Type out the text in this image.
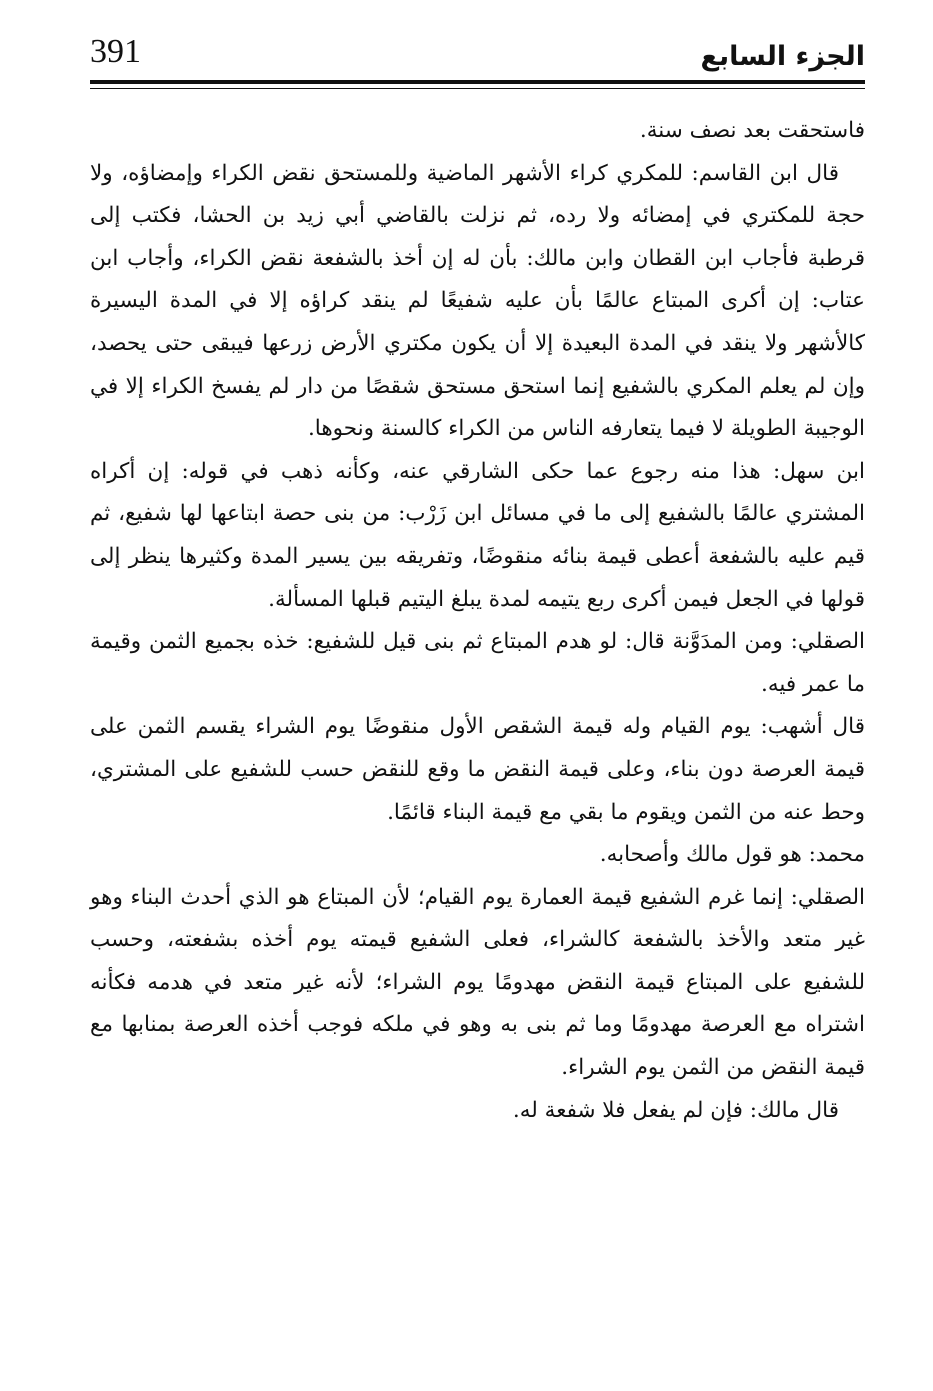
391	الجزء السابع

فاستحقت بعد نصف سنة.

قال ابن القاسم: للمكري كراء الأشهر الماضية وللمستحق نقض الكراء وإمضاؤه، ولا حجة للمكتري في إمضائه ولا رده، ثم نزلت بالقاضي أبي زيد بن الحشا، فكتب إلى قرطبة فأجاب ابن القطان وابن مالك: بأن له إن أخذ بالشفعة نقض الكراء، وأجاب ابن عتاب: إن أكرى المبتاع عالمًا بأن عليه شفيعًا لم ينقد كراؤه إلا في المدة اليسيرة كالأشهر ولا ينقد في المدة البعيدة إلا أن يكون مكتري الأرض زرعها فيبقى حتى يحصد، وإن لم يعلم المكري بالشفيع إنما استحق مستحق شقصًا من دار لم يفسخ الكراء إلا في الوجيبة الطويلة لا فيما يتعارفه الناس من الكراء كالسنة ونحوها.

ابن سهل: هذا منه رجوع عما حكى الشارقي عنه، وكأنه ذهب في قوله: إن أكراه المشتري عالمًا بالشفيع إلى ما في مسائل ابن زَرْب: من بنى حصة ابتاعها لها شفيع، ثم قيم عليه بالشفعة أعطى قيمة بنائه منقوضًا، وتفريقه بين يسير المدة وكثيرها ينظر إلى قولها في الجعل فيمن أكرى ربع يتيمه لمدة يبلغ اليتيم قبلها المسألة.

الصقلي: ومن المدَوَّنة قال: لو هدم المبتاع ثم بنى قيل للشفيع: خذه بجميع الثمن وقيمة ما عمر فيه.

قال أشهب: يوم القيام وله قيمة الشقص الأول منقوضًا يوم الشراء يقسم الثمن على قيمة العرصة دون بناء، وعلى قيمة النقض ما وقع للنقض حسب للشفيع على المشتري، وحط عنه من الثمن ويقوم ما بقي مع قيمة البناء قائمًا.

محمد: هو قول مالك وأصحابه.

الصقلي: إنما غرم الشفيع قيمة العمارة يوم القيام؛ لأن المبتاع هو الذي أحدث البناء وهو غير متعد والأخذ بالشفعة كالشراء، فعلى الشفيع قيمته يوم أخذه بشفعته، وحسب للشفيع على المبتاع قيمة النقض مهدومًا يوم الشراء؛ لأنه غير متعد في هدمه فكأنه اشتراه مع العرصة مهدومًا وما ثم بنى به وهو في ملكه فوجب أخذه العرصة بمنابها مع قيمة النقض من الثمن يوم الشراء.

قال مالك: فإن لم يفعل فلا شفعة له.
